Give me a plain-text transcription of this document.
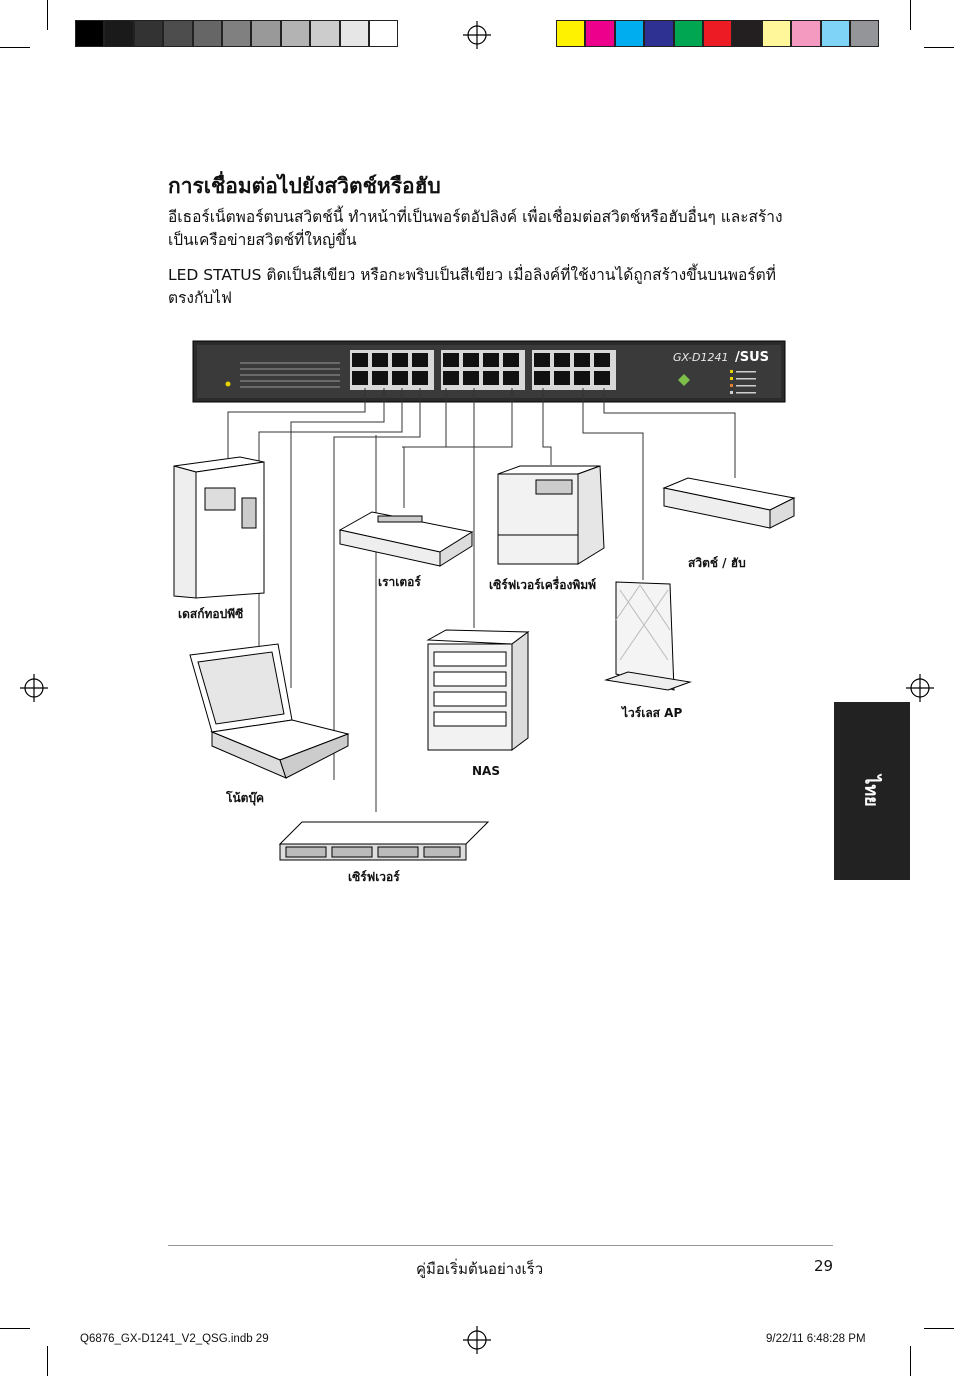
การเชื่อมต่อไปยังสวิตช์หรือฮับ
อีเธอร์เน็ตพอร์ตบนสวิตช์นี้ ทำหน้าที่เป็นพอร์ตอัปลิงค์ เพื่อเชื่อมต่อสวิตช์หรือฮับอื่นๆ และสร้างเป็นเครือข่ายสวิตช์ที่ใหญ่ขึ้น
LED STATUS ติดเป็นสีเขียว หรือกะพริบเป็นสีเขียว เมื่อลิงค์ที่ใช้งานได้ถูกสร้างขึ้นบนพอร์ตที่ตรงกับไฟ
GX-D1241 /SUS
เดสก์ทอปพีซี
เราเตอร์	เซิร์ฟเวอร์เครื่องพิมพ์
สวิตช์ / ฮับ
โน้ตบุ๊ค
NAS
ไวร์เลส AP
เซิร์ฟเวอร์
ไทย
คู่มือเริ่มต้นอย่างเร็ว	29
Q6876_GX-D1241_V2_QSG.indb 29	9/22/11 6:48:28 PM
